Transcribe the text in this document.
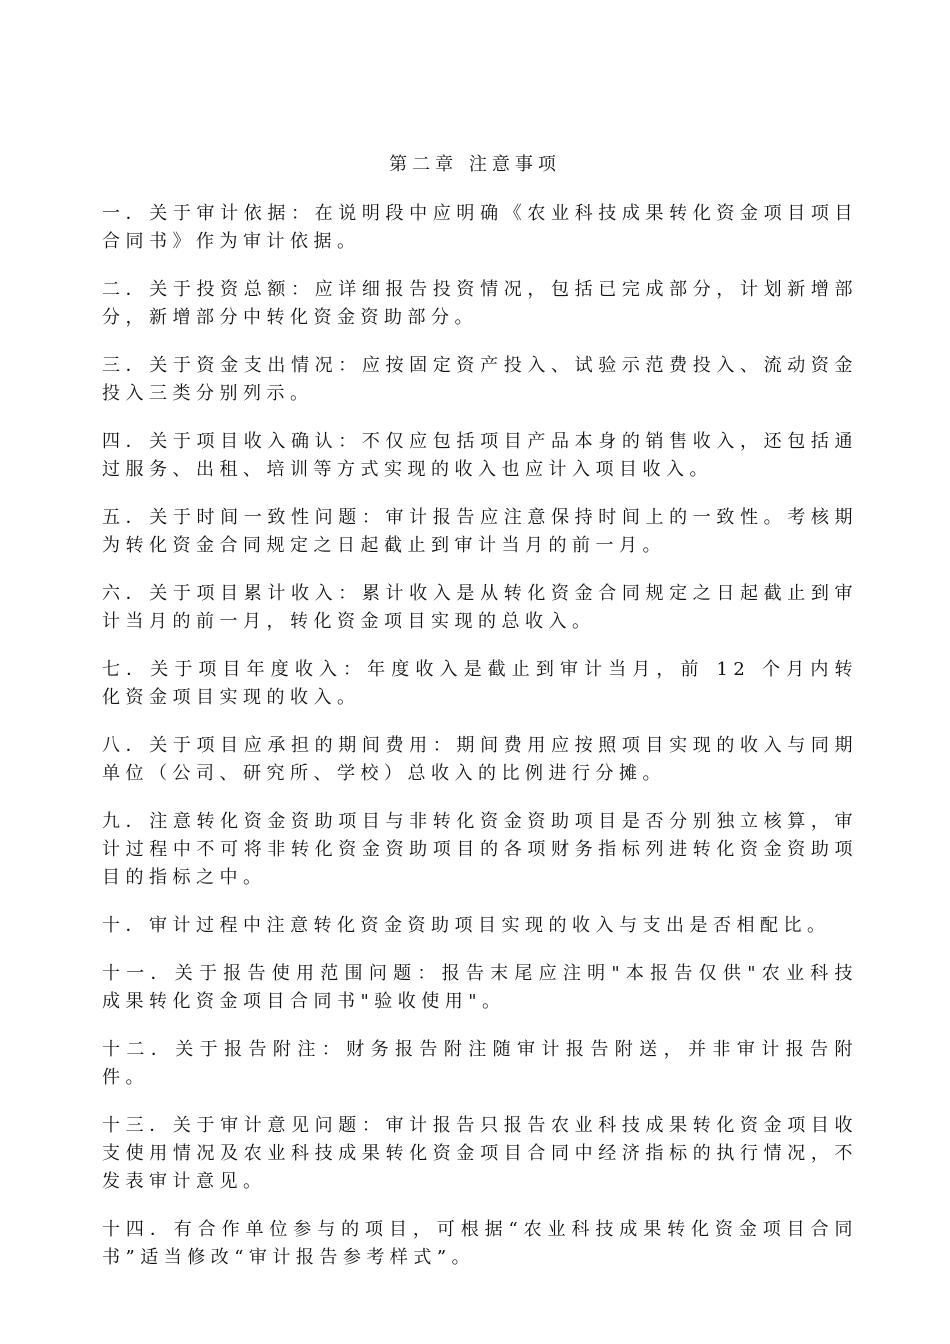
第二章 注意事项
一．关于审计依据：在说明段中应明确《农业科技成果转化资金项目项目合同书》作为审计依据。
二．关于投资总额：应详细报告投资情况，包括已完成部分，计划新增部分，新增部分中转化资金资助部分。
三．关于资金支出情况：应按固定资产投入、试验示范费投入、流动资金投入三类分别列示。
四．关于项目收入确认：不仅应包括项目产品本身的销售收入，还包括通过服务、出租、培训等方式实现的收入也应计入项目收入。
五．关于时间一致性问题：审计报告应注意保持时间上的一致性。考核期为转化资金合同规定之日起截止到审计当月的前一月。
六．关于项目累计收入：累计收入是从转化资金合同规定之日起截止到审计当月的前一月，转化资金项目实现的总收入。
七．关于项目年度收入：年度收入是截止到审计当月，前 12 个月内转化资金项目实现的收入。
八．关于项目应承担的期间费用：期间费用应按照项目实现的收入与同期单位（公司、研究所、学校）总收入的比例进行分摊。
九．注意转化资金资助项目与非转化资金资助项目是否分别独立核算，审计过程中不可将非转化资金资助项目的各项财务指标列进转化资金资助项目的指标之中。
十．审计过程中注意转化资金资助项目实现的收入与支出是否相配比。
十一．关于报告使用范围问题：报告末尾应注明"本报告仅供"农业科技成果转化资金项目合同书"验收使用"。
十二．关于报告附注：财务报告附注随审计报告附送，并非审计报告附件。
十三．关于审计意见问题：审计报告只报告农业科技成果转化资金项目收支使用情况及农业科技成果转化资金项目合同中经济指标的执行情况，不发表审计意见。
十四．有合作单位参与的项目，可根据“农业科技成果转化资金项目合同书”适当修改“审计报告参考样式”。
